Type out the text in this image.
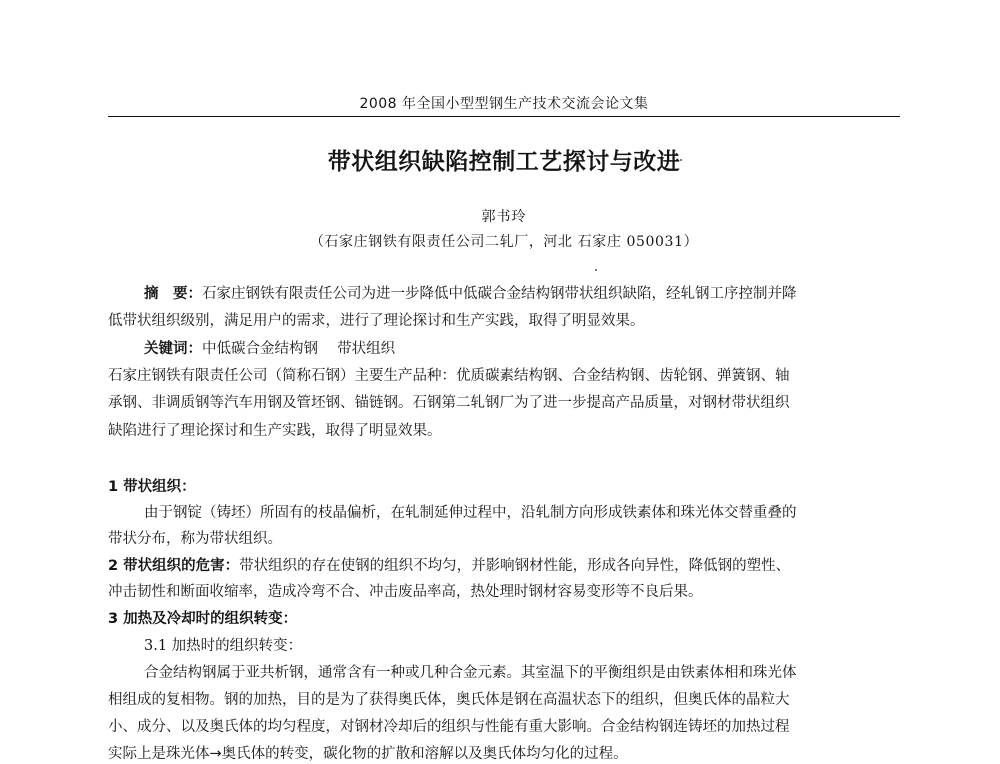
2008 年全国小型型钢生产技术交流会论文集
带状组织缺陷控制工艺探讨与改进
郭书玲
（石家庄钢铁有限责任公司二轧厂，河北 石家庄 050031）
摘　要：石家庄钢铁有限责任公司为进一步降低中低碳合金结构钢带状组织缺陷，经轧钢工序控制并降
低带状组织级别，满足用户的需求，进行了理论探讨和生产实践，取得了明显效果。
关键词：中低碳合金结构钢　 带状组织
石家庄钢铁有限责任公司（简称石钢）主要生产品种：优质碳素结构钢、合金结构钢、齿轮钢、弹簧钢、轴
承钢、非调质钢等汽车用钢及管坯钢、锚链钢。石钢第二轧钢厂为了进一步提高产品质量，对钢材带状组织
缺陷进行了理论探讨和生产实践，取得了明显效果。
1 带状组织：
由于钢锭（铸坯）所固有的枝晶偏析，在轧制延伸过程中，沿轧制方向形成铁素体和珠光体交替重叠的
带状分布，称为带状组织。
2 带状组织的危害：带状组织的存在使钢的组织不均匀，并影响钢材性能，形成各向异性，降低钢的塑性、
冲击韧性和断面收缩率，造成冷弯不合、冲击废品率高，热处理时钢材容易变形等不良后果。
3 加热及冷却时的组织转变：
3.1 加热时的组织转变：
合金结构钢属于亚共析钢，通常含有一种或几种合金元素。其室温下的平衡组织是由铁素体相和珠光体
相组成的复相物。钢的加热，目的是为了获得奥氏体，奥氏体是钢在高温状态下的组织，但奥氏体的晶粒大
小、成分、以及奥氏体的均匀程度，对钢材冷却后的组织与性能有重大影响。合金结构钢连铸坯的加热过程
实际上是珠光体→奥氏体的转变，碳化物的扩散和溶解以及奥氏体均匀化的过程。
